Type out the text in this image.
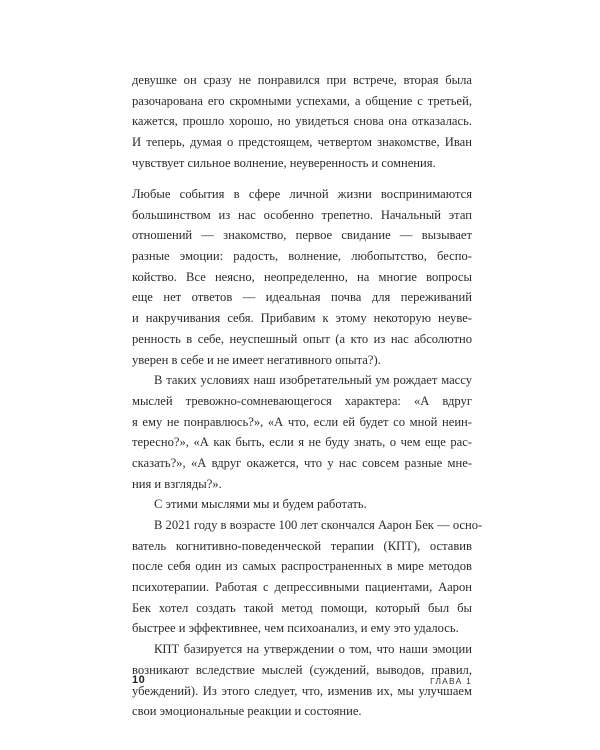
девушке он сразу не понравился при встрече, вторая была
разочарована его скромными успехами, а общение с третьей,
кажется, прошло хорошо, но увидеться снова она отказалась.
И теперь, думая о предстоящем, четвертом знакомстве, Иван
чувствует сильное волнение, неуверенность и сомнения.
Любые события в сфере личной жизни воспринимаются
большинством из нас особенно трепетно. Начальный этап
отношений — знакомство, первое свидание — вызывает
разные эмоции: радость, волнение, любопытство, беспо-
койство. Все неясно, неопределенно, на многие вопросы
еще нет ответов — идеальная почва для переживаний
и накручивания себя. Прибавим к этому некоторую неуве-
ренность в себе, неуспешный опыт (а кто из нас абсолютно
уверен в себе и не имеет негативного опыта?).
В таких условиях наш изобретательный ум рождает массу
мыслей тревожно-сомневающегося характера: «А вдруг
я ему не понравлюсь?», «А что, если ей будет со мной неин-
тересно?», «А как быть, если я не буду знать, о чем еще рас-
сказать?», «А вдруг окажется, что у нас совсем разные мне-
ния и взгляды?».
С этими мыслями мы и будем работать.
В 2021 году в возрасте 100 лет скончался Аарон Бек — осно-
ватель когнитивно-поведенческой терапии (КПТ), оставив
после себя один из самых распространенных в мире методов
психотерапии. Работая с депрессивными пациентами, Аарон
Бек хотел создать такой метод помощи, который был бы
быстрее и эффективнее, чем психоанализ, и ему это удалось.
КПТ базируется на утверждении о том, что наши эмоции
возникают вследствие мыслей (суждений, выводов, правил,
убеждений). Из этого следует, что, изменив их, мы улучшаем
свои эмоциональные реакции и состояние.
10	ГЛАВА 1
